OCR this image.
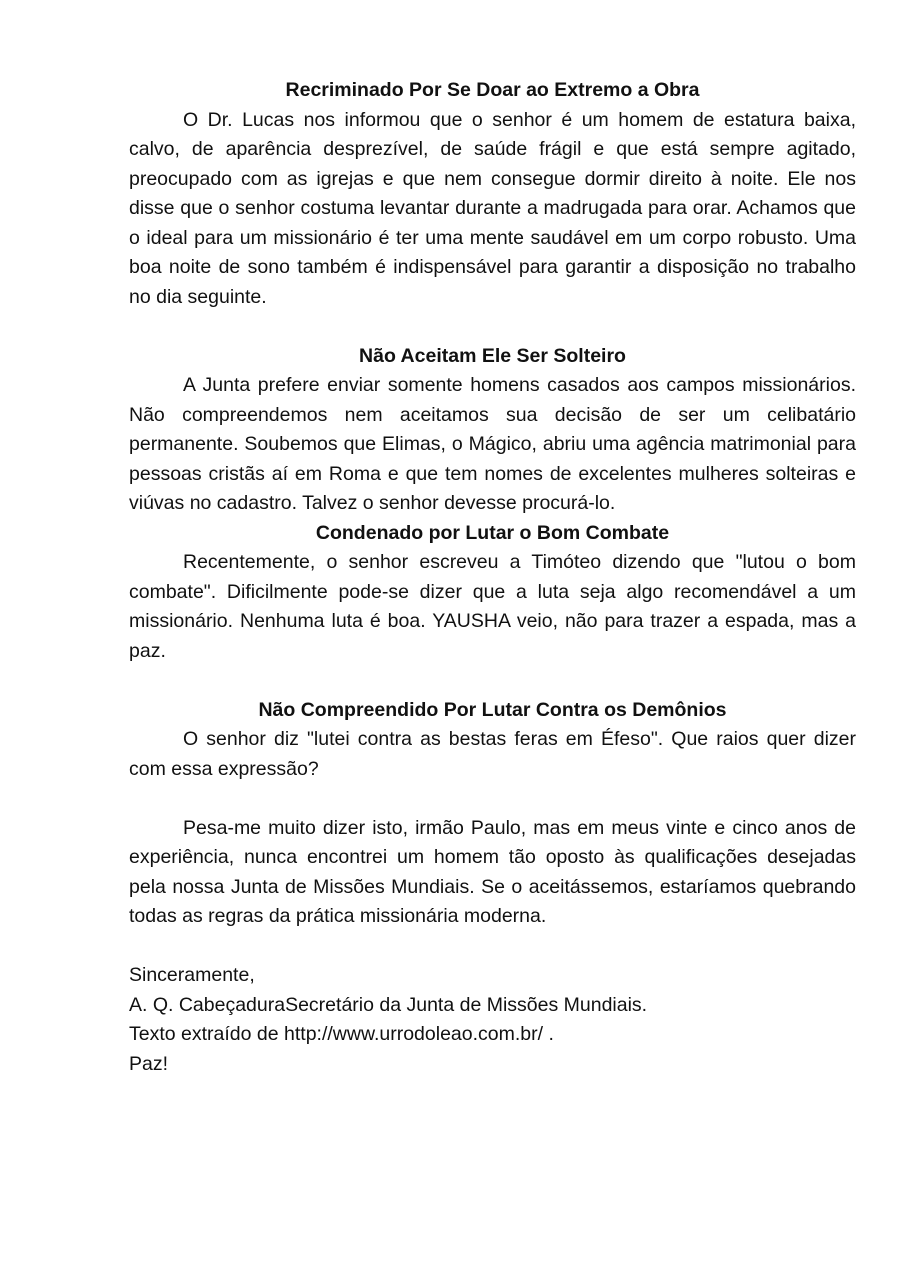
Recriminado Por Se Doar ao Extremo a Obra

O Dr. Lucas nos informou que o senhor é um homem de estatura baixa, calvo, de aparência desprezível, de saúde frágil e que está sempre agitado, preocupado com as igrejas e que nem consegue dormir direito à noite. Ele nos disse que o senhor costuma levantar durante a madrugada para orar. Achamos que o ideal para um missionário é ter uma mente saudável em um corpo robusto. Uma boa noite de sono também é indispensável para garantir a disposição no trabalho no dia seguinte.

Não Aceitam Ele Ser Solteiro

A Junta prefere enviar somente homens casados aos campos missionários. Não compreendemos nem aceitamos sua decisão de ser um celibatário permanente. Soubemos que Elimas, o Mágico, abriu uma agência matrimonial para pessoas cristãs aí em Roma e que tem nomes de excelentes mulheres solteiras e viúvas no cadastro. Talvez o senhor devesse procurá-lo.

Condenado por Lutar o Bom Combate

Recentemente, o senhor escreveu a Timóteo dizendo que "lutou o bom combate". Dificilmente pode-se dizer que a luta seja algo recomendável a um missionário. Nenhuma luta é boa. YAUSHA veio, não para trazer a espada, mas a paz.

Não Compreendido Por Lutar Contra os Demônios

O senhor diz "lutei contra as bestas feras em Éfeso". Que raios quer dizer com essa expressão?

Pesa-me muito dizer isto, irmão Paulo, mas em meus vinte e cinco anos de experiência, nunca encontrei um homem tão oposto às qualificações desejadas pela nossa Junta de Missões Mundiais. Se o aceitássemos, estaríamos quebrando todas as regras da prática missionária moderna.

Sinceramente,

A. Q. CabeçaduraSecretário da Junta de Missões Mundiais.

Texto extraído de http://www.urrodoleao.com.br/ .

Paz!
